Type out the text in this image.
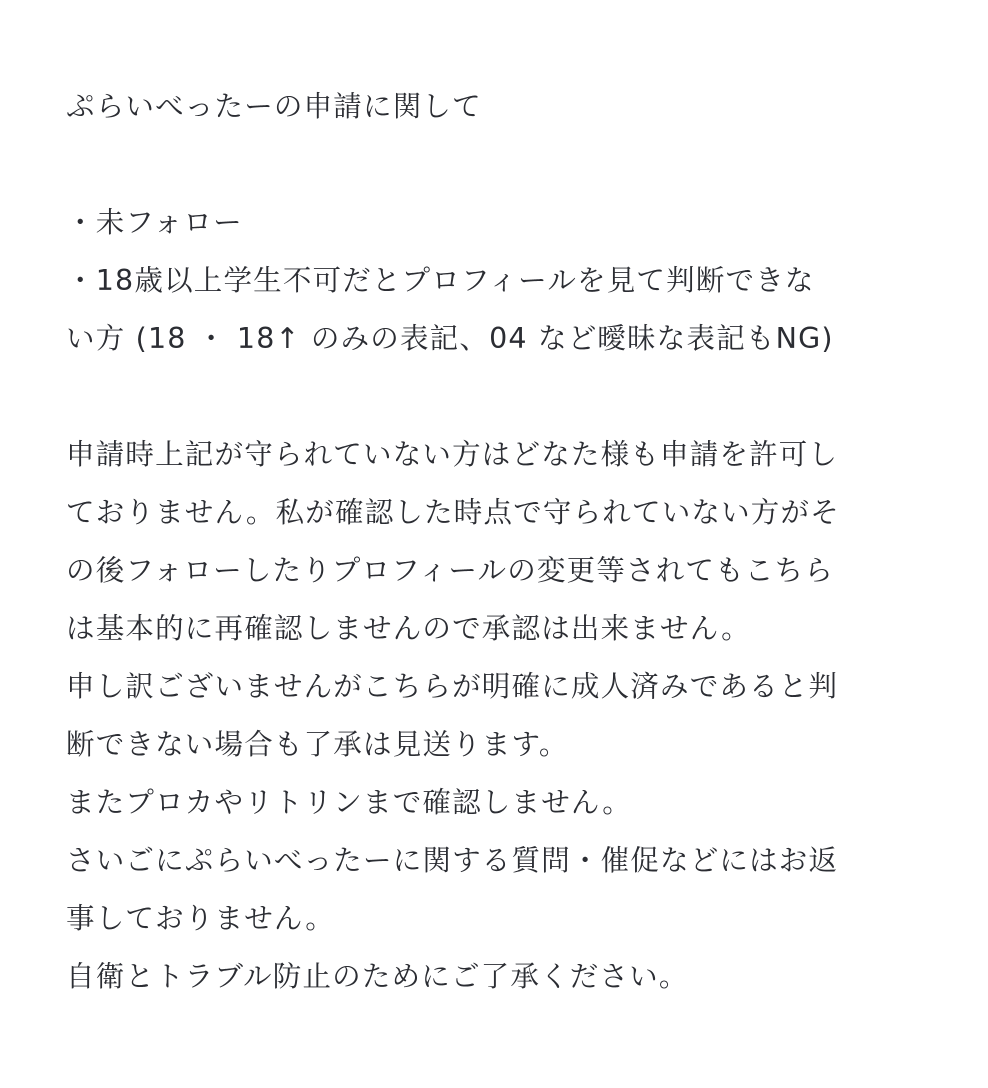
ぷらいべったーの申請に関して
・未フォロー
・18歳以上学生不可だとプロフィールを見て判断できな
い方 (18 ・ 18↑ のみの表記、04 など曖昧な表記もNG)
申請時上記が守られていない方はどなた様も申請を許可し
ておりません。私が確認した時点で守られていない方がそ
の後フォローしたりプロフィールの変更等されてもこちら
は基本的に再確認しませんので承認は出来ません。
申し訳ございませんがこちらが明確に成人済みであると判
断できない場合も了承は見送ります。
またプロカやリトリンまで確認しません。
さいごにぷらいべったーに関する質問・催促などにはお返
事しておりません。
自衛とトラブル防止のためにご了承ください。
